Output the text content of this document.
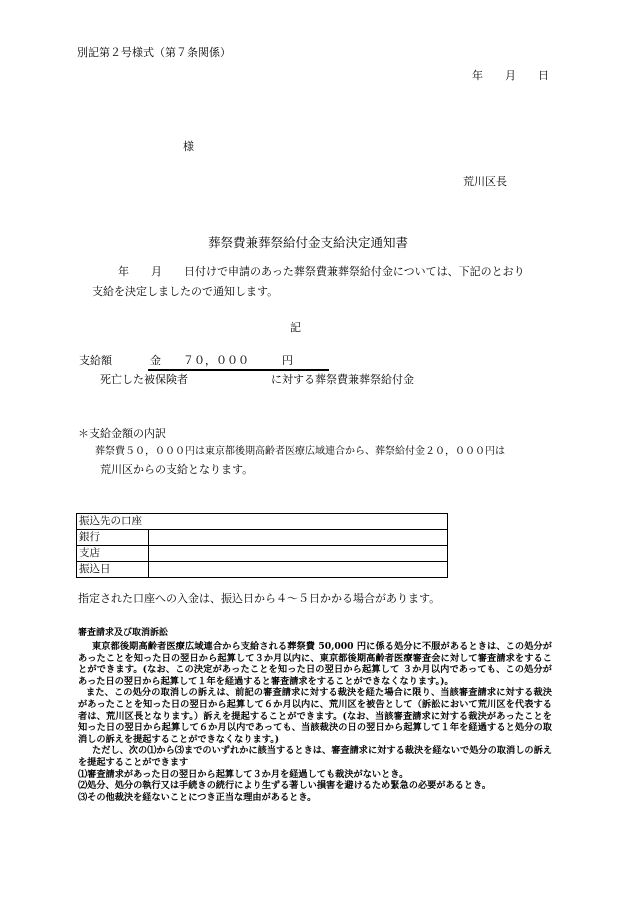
別記第２号様式（第７条関係）
年　　月　　日
様
荒川区長
葬祭費兼葬祭給付金支給決定通知書
年　　月　　日付けで申請のあった葬祭費兼葬祭給付金については、下記のとおり
支給を決定しましたので通知します。
記
支給額	金　　７０，０００　　　円
死亡した被保険者	に対する葬祭費兼葬祭給付金
＊支給金額の内訳
葬祭費５０，０００円は東京都後期高齢者医療広域連合から、葬祭給付金２０，０００円は
荒川区からの支給となります。
振込先の口座	
銀行	
支店	
振込日	
指定された口座への入金は、振込日から４～５日かかる場合があります。
審査請求及び取消訴訟

東京都後期高齢者医療広域連合から支給される葬祭費 50,000 円に係る処分に不服があるときは、この処分があったことを知った日の翌日から起算して３か月以内に、東京都後期高齢者医療審査会に対して審査請求をすることができます。(なお、この決定があったことを知った日の翌日から起算して ３か月以内であっても、この処分があった日の翌日から起算して１年を経過すると審査請求をすることができなくなります。)。

また、この処分の取消しの訴えは、前記の審査請求に対する裁決を経た場合に限り、当該審査請求に対する裁決があったことを知った日の翌日から起算して６か月以内に、荒川区を被告として（訴訟において荒川区を代表する者は、荒川区長となります。）訴えを提起することができます。(なお、当該審査請求に対する裁決があったことを知った日の翌日から起算して６か月以内であっても、当該裁決の日の翌日から起算して１年を経過すると処分の取消しの訴えを提起することができなくなります。)

ただし、次の⑴から⑶までのいずれかに該当するときは、審査請求に対する裁決を経ないで処分の取消しの訴えを提起することができます

⑴審査請求があった日の翌日から起算して３か月を経過しても裁決がないとき。

⑵処分、処分の執行又は手続きの続行により生ずる著しい損害を避けるため緊急の必要があるとき。

⑶その他裁決を経ないことにつき正当な理由があるとき。
